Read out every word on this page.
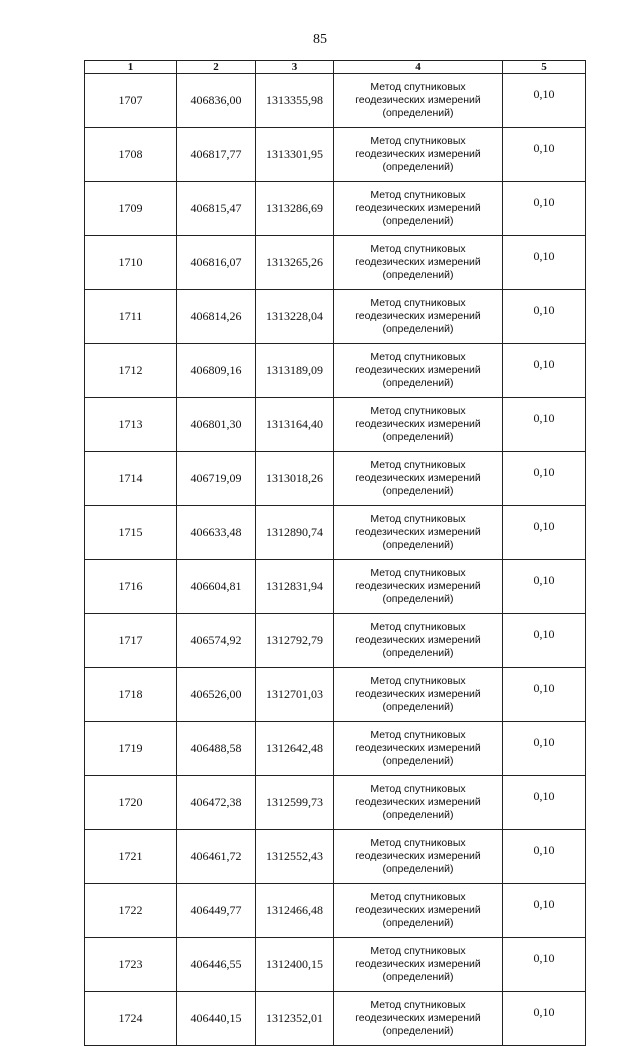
85
1	2	3	4	5
1707	406836,00	1313355,98	Метод спутниковых
геодезических измерений
(определений)	0,10
1708	406817,77	1313301,95	Метод спутниковых
геодезических измерений
(определений)	0,10
1709	406815,47	1313286,69	Метод спутниковых
геодезических измерений
(определений)	0,10
1710	406816,07	1313265,26	Метод спутниковых
геодезических измерений
(определений)	0,10
1711	406814,26	1313228,04	Метод спутниковых
геодезических измерений
(определений)	0,10
1712	406809,16	1313189,09	Метод спутниковых
геодезических измерений
(определений)	0,10
1713	406801,30	1313164,40	Метод спутниковых
геодезических измерений
(определений)	0,10
1714	406719,09	1313018,26	Метод спутниковых
геодезических измерений
(определений)	0,10
1715	406633,48	1312890,74	Метод спутниковых
геодезических измерений
(определений)	0,10
1716	406604,81	1312831,94	Метод спутниковых
геодезических измерений
(определений)	0,10
1717	406574,92	1312792,79	Метод спутниковых
геодезических измерений
(определений)	0,10
1718	406526,00	1312701,03	Метод спутниковых
геодезических измерений
(определений)	0,10
1719	406488,58	1312642,48	Метод спутниковых
геодезических измерений
(определений)	0,10
1720	406472,38	1312599,73	Метод спутниковых
геодезических измерений
(определений)	0,10
1721	406461,72	1312552,43	Метод спутниковых
геодезических измерений
(определений)	0,10
1722	406449,77	1312466,48	Метод спутниковых
геодезических измерений
(определений)	0,10
1723	406446,55	1312400,15	Метод спутниковых
геодезических измерений
(определений)	0,10
1724	406440,15	1312352,01	Метод спутниковых
геодезических измерений
(определений)	0,10
